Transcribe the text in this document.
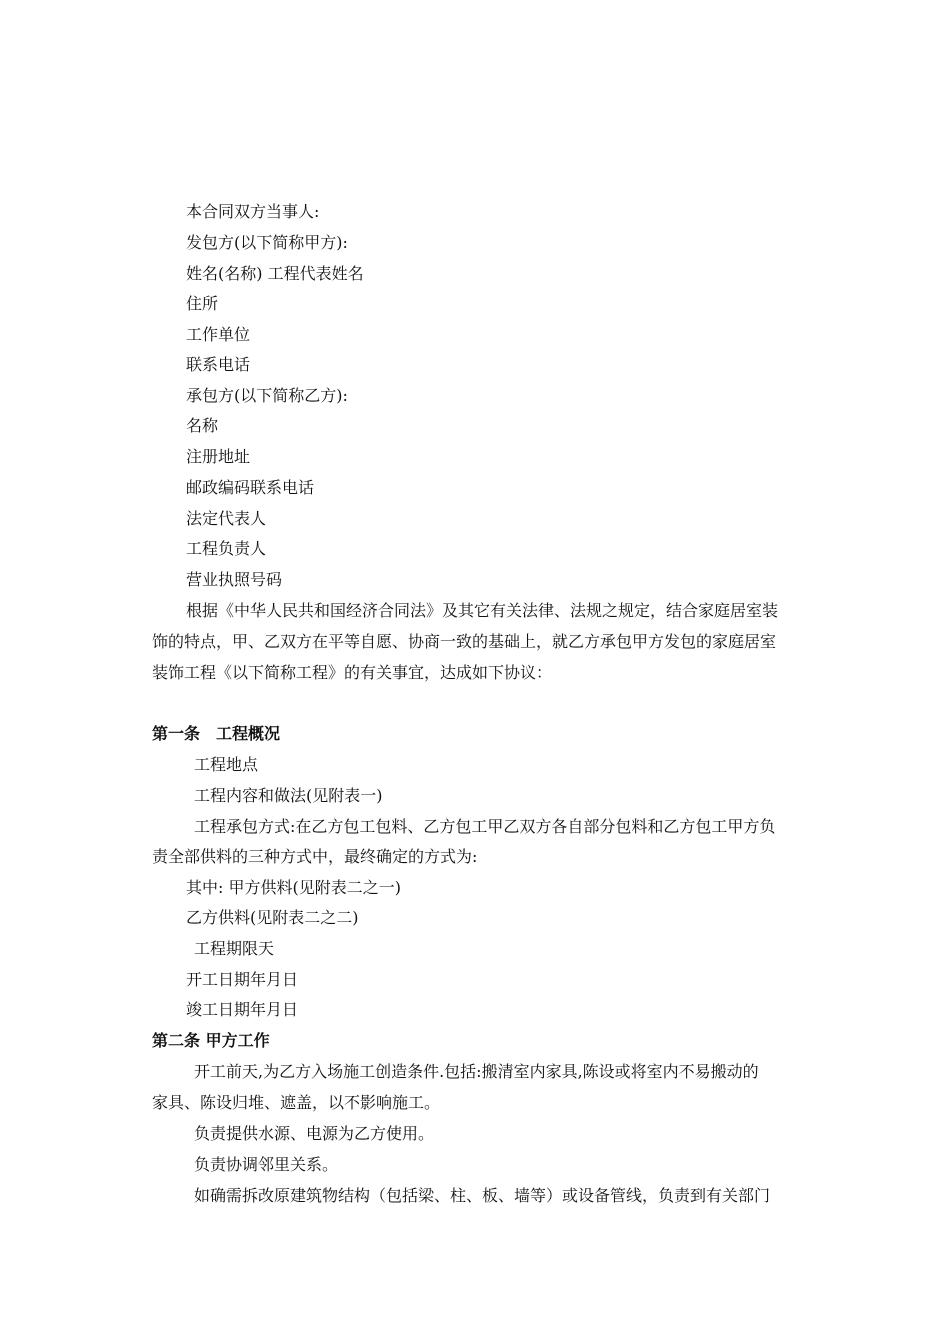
本合同双方当事人:
发包方(以下简称甲方):
姓名(名称) 工程代表姓名
住所
工作单位
联系电话
承包方(以下简称乙方):
名称
注册地址
邮政编码联系电话
法定代表人
工程负责人
营业执照号码
根据《中华人民共和国经济合同法》及其它有关法律、法规之规定，结合家庭居室装
饰的特点，甲、乙双方在平等自愿、协商一致的基础上，就乙方承包甲方发包的家庭居室
装饰工程《以下简称工程》的有关事宜，达成如下协议：
第一条　工程概况
工程地点
工程内容和做法(见附表一)
工程承包方式:在乙方包工包料、乙方包工甲乙双方各自部分包料和乙方包工甲方负
责全部供料的三种方式中，最终确定的方式为:
其中: 甲方供料(见附表二之一)
乙方供料(见附表二之二)
工程期限天
开工日期年月日
竣工日期年月日
第二条 甲方工作
开工前天,为乙方入场施工创造条件.包括:搬清室内家具,陈设或将室内不易搬动的
家具、陈设归堆、遮盖，以不影响施工。
负责提供水源、电源为乙方使用。
负责协调邻里关系。
如确需拆改原建筑物结构（包括梁、柱、板、墙等）或设备管线，负责到有关部门
